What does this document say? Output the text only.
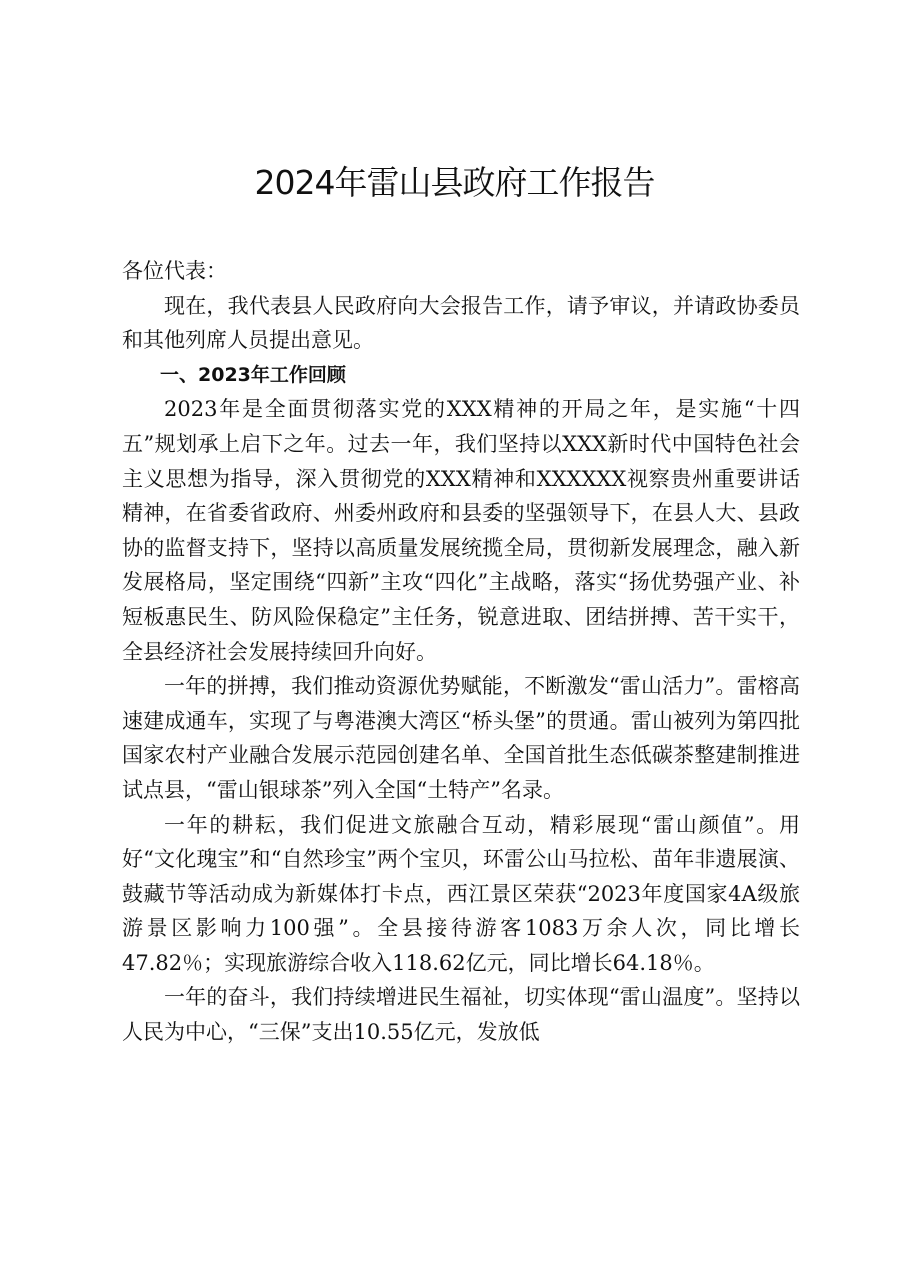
2024年雷山县政府工作报告

各位代表：

现在，我代表县人民政府向大会报告工作，请予审议，并请政协委员和其他列席人员提出意见。

一、2023年工作回顾

2023年是全面贯彻落实党的XXX精神的开局之年，是实施“十四五”规划承上启下之年。过去一年，我们坚持以XXX新时代中国特色社会主义思想为指导，深入贯彻党的XXX精神和XXXXXX视察贵州重要讲话精神，在省委省政府、州委州政府和县委的坚强领导下，在县人大、县政协的监督支持下，坚持以高质量发展统揽全局，贯彻新发展理念，融入新发展格局，坚定围绕“四新”主攻“四化”主战略，落实“扬优势强产业、补短板惠民生、防风险保稳定”主任务，锐意进取、团结拼搏、苦干实干，全县经济社会发展持续回升向好。

一年的拼搏，我们推动资源优势赋能，不断激发“雷山活力”。雷榕高速建成通车，实现了与粤港澳大湾区“桥头堡”的贯通。雷山被列为第四批国家农村产业融合发展示范园创建名单、全国首批生态低碳茶整建制推进试点县，“雷山银球茶”列入全国“土特产”名录。

一年的耕耘，我们促进文旅融合互动，精彩展现“雷山颜值”。用好“文化瑰宝”和“自然珍宝”两个宝贝，环雷公山马拉松、苗年非遗展演、鼓藏节等活动成为新媒体打卡点，西江景区荣获“2023年度国家4A级旅游景区影响力100强”。全县接待游客1083万余人次，同比增长47.82％；实现旅游综合收入118.62亿元，同比增长64.18％。

一年的奋斗，我们持续增进民生福祉，切实体现“雷山温度”。坚持以人民为中心，“三保”支出10.55亿元，发放低
